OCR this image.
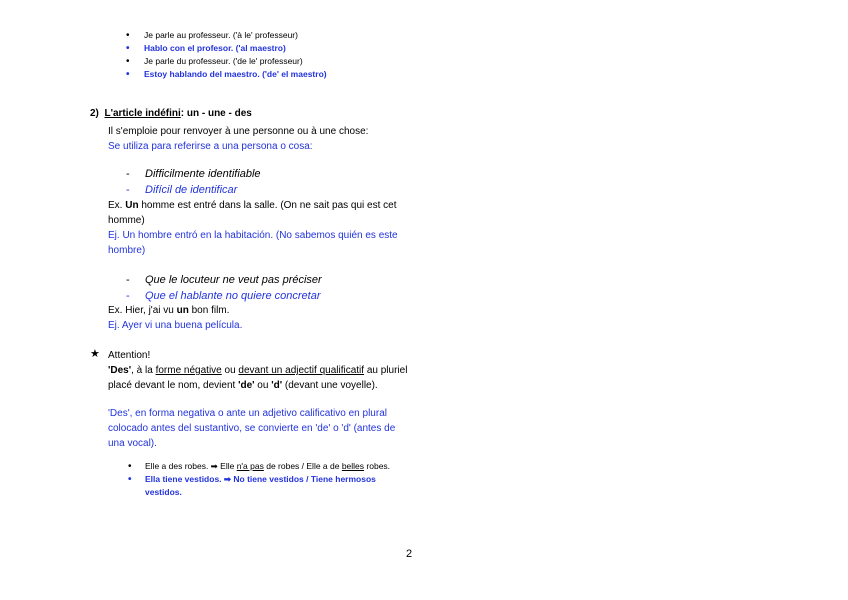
• Je parle au professeur. ('à le' professeur)
• Hablo con el profesor. ('al maestro)
• Je parle du professeur. ('de le' professeur)
• Estoy hablando del maestro. ('de' el maestro)
2) L'article indéfini: un - une - des
Il s'emploie pour renvoyer à une personne ou à une chose:
Se utiliza para referirse a una persona o cosa:
- Difficilmente identifiable
- Difícil de identificar
Ex. Un homme est entré dans la salle. (On ne sait pas qui est cet homme)
Ej. Un hombre entró en la habitación. (No sabemos quién es este hombre)
- Que le locuteur ne veut pas préciser
- Que el hablante no quiere concretar
Ex. Hier, j'ai vu un bon film.
Ej. Ayer vi una buena película.
★ Attention!
'Des', à la forme négative ou devant un adjectif qualificatif au pluriel placé devant le nom, devient 'de' ou 'd' (devant une voyelle).
'Des', en forma negativa o ante un adjetivo calificativo en plural colocado antes del sustantivo, se convierte en 'de' o 'd' (antes de una vocal).
• Elle a des robes. ➡ Elle n'a pas de robes / Elle a de belles robes.
• Ella tiene vestidos. ➡ No tiene vestidos / Tiene hermosos vestidos.
2
